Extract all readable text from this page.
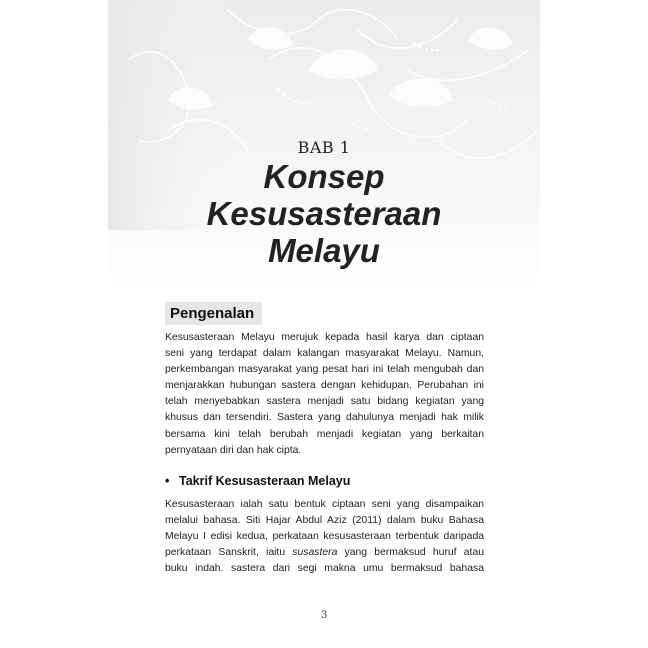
BAB 1
Konsep
Kesusasteraan
Melayu
Pengenalan
Kesusasteraan Melayu merujuk kepada hasil karya dan ciptaan
seni yang terdapat dalam kalangan masyarakat Melayu. Namun,
perkembangan masyarakat yang pesat hari ini telah mengubah dan
menjarakkan hubungan sastera dengan kehidupan. Perubahan ini
telah menyebabkan sastera menjadi satu bidang kegiatan yang
khusus dan tersendiri. Sastera yang dahulunya menjadi hak milik
bersama kini telah berubah menjadi kegiatan yang berkaitan
pernyataan diri dan hak cipta.
• Takrif Kesusasteraan Melayu
Kesusasteraan ialah satu bentuk ciptaan seni yang disampaikan
melalui bahasa. Siti Hajar Abdul Aziz (2011) dalam buku Bahasa
Melayu I edisi kedua, perkataan kesusasteraan terbentuk daripada
perkataan Sanskrit, iaitu susastera yang bermaksud huruf atau
buku indah. sastera dari segi makna umu bermaksud bahasa
3
